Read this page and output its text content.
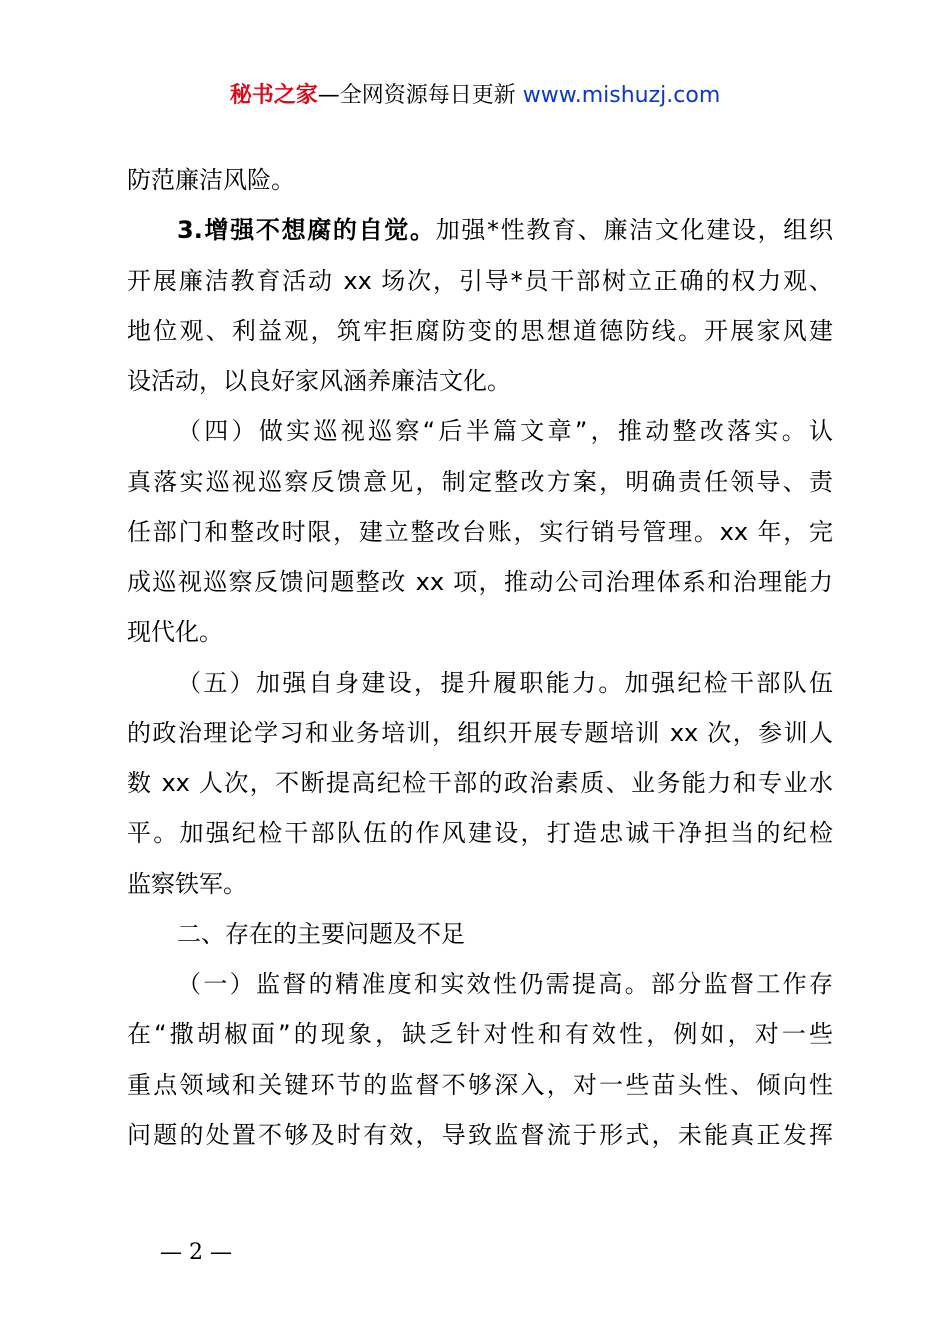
秘书之家—全网资源每日更新 www.mishuzj.com
防范廉洁风险。
3.增强不想腐的自觉。加强*性教育、廉洁文化建设，组织
开展廉洁教育活动 xx 场次，引导*员干部树立正确的权力观、
地位观、利益观，筑牢拒腐防变的思想道德防线。开展家风建
设活动，以良好家风涵养廉洁文化。
（四）做实巡视巡察“后半篇文章”，推动整改落实。认
真落实巡视巡察反馈意见，制定整改方案，明确责任领导、责
任部门和整改时限，建立整改台账，实行销号管理。xx 年，完
成巡视巡察反馈问题整改 xx 项，推动公司治理体系和治理能力
现代化。
（五）加强自身建设，提升履职能力。加强纪检干部队伍
的政治理论学习和业务培训，组织开展专题培训 xx 次，参训人
数 xx 人次，不断提高纪检干部的政治素质、业务能力和专业水
平。加强纪检干部队伍的作风建设，打造忠诚干净担当的纪检
监察铁军。
二、存在的主要问题及不足
（一）监督的精准度和实效性仍需提高。部分监督工作存
在“撒胡椒面”的现象，缺乏针对性和有效性，例如，对一些
重点领域和关键环节的监督不够深入，对一些苗头性、倾向性
问题的处置不够及时有效，导致监督流于形式，未能真正发挥
— 2 —
